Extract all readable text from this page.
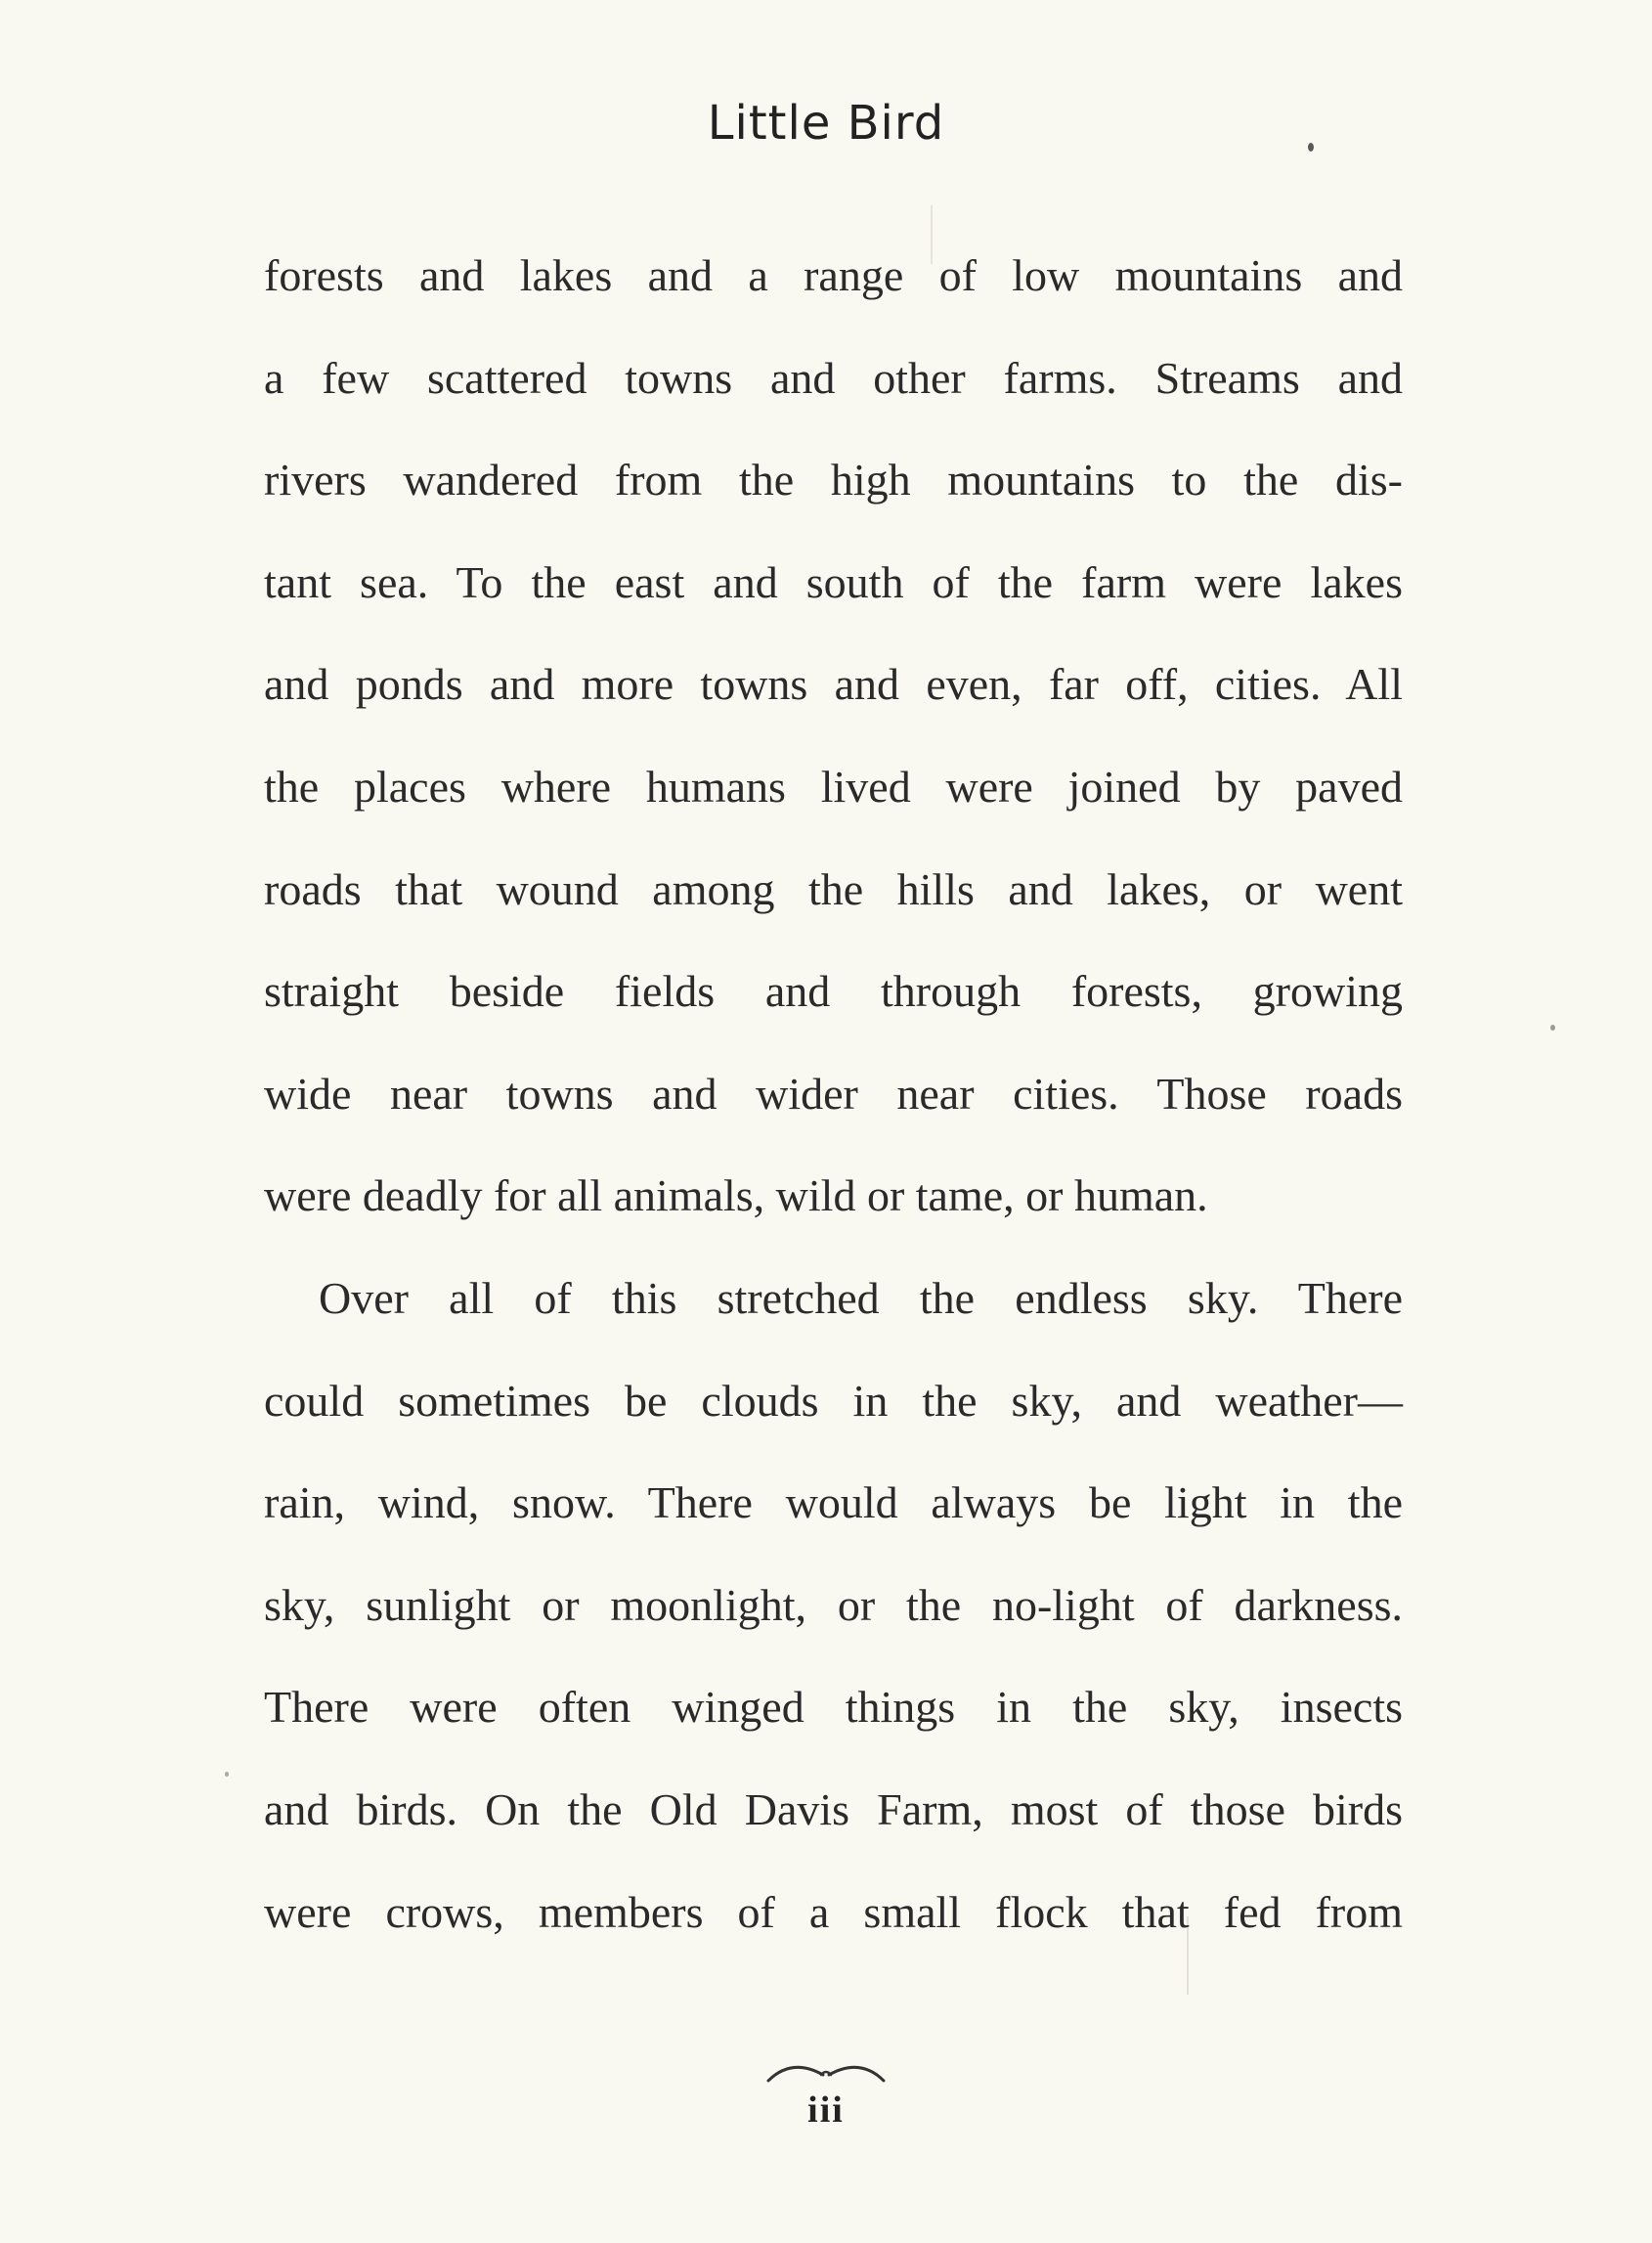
Little Bird
forests and lakes and a range of low mountains and
a few scattered towns and other farms. Streams and
rivers wandered from the high mountains to the dis-
tant sea. To the east and south of the farm were lakes
and ponds and more towns and even, far off, cities. All
the places where humans lived were joined by paved
roads that wound among the hills and lakes, or went
straight beside fields and through forests, growing
wide near towns and wider near cities. Those roads
were deadly for all animals, wild or tame, or human.
Over all of this stretched the endless sky. There
could sometimes be clouds in the sky, and weather—
rain, wind, snow. There would always be light in the
sky, sunlight or moonlight, or the no-light of darkness.
There were often winged things in the sky, insects
and birds. On the Old Davis Farm, most of those birds
were crows, members of a small flock that fed from
iii
